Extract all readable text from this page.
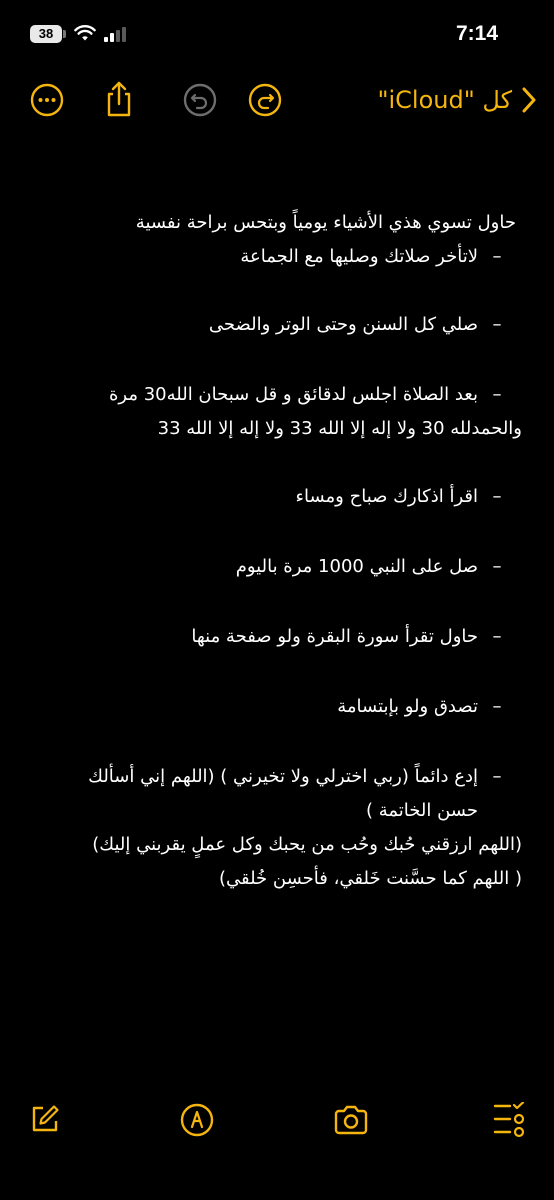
38	7:14
كل "iCloud"

حاول تسوي هذي الأشياء يومياً وبتحس براحة نفسية

–لاتأخر صلاتك وصليها مع الجماعة

–صلي كل السنن وحتى الوتر والضحى

–بعد الصلاة اجلس لدقائق و قل سبحان الله30 مرة

والحمدلله 30 ولا إله إلا الله 33 ولا إله إلا الله 33

–اقرأ اذكارك صباح ومساء

–صل على النبي 1000 مرة باليوم

–حاول تقرأ سورة البقرة ولو صفحة منها

–تصدق ولو بإبتسامة

–إدع دائماً (ربي اخترلي ولا تخيرني ) (اللهم إني أسألك

حسن الخاتمة )

(اللهم ارزقني حُبك وحُب من يحبك وكل عملٍ يقربني إليك)

( اللهم كما حسَّنت خَلقي، فأحسِن خُلقي)
